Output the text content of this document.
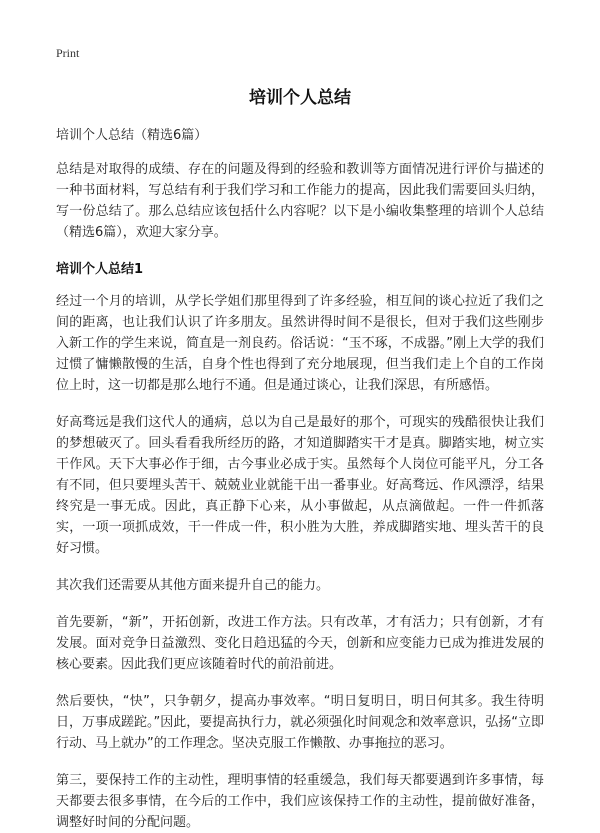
Print
培训个人总结

培训个人总结（精选6篇）

总结是对取得的成绩、存在的问题及得到的经验和教训等方面情况进行评价与描述的一种书面材料，写总结有利于我们学习和工作能力的提高，因此我们需要回头归纳，写一份总结了。那么总结应该包括什么内容呢？以下是小编收集整理的培训个人总结（精选6篇），欢迎大家分享。

培训个人总结1

经过一个月的培训，从学长学姐们那里得到了许多经验，相互间的谈心拉近了我们之间的距离，也让我们认识了许多朋友。虽然讲得时间不是很长，但对于我们这些刚步入新工作的学生来说，简直是一剂良药。俗话说：“玉不琢，不成器。”刚上大学的我们过惯了慵懒散慢的生活，自身个性也得到了充分地展现，但当我们走上个自的工作岗位上时，这一切都是那么地行不通。但是通过谈心，让我们深思，有所感悟。

好高骛远是我们这代人的通病，总以为自己是最好的那个，可现实的残酷很快让我们的梦想破灭了。回头看看我所经历的路，才知道脚踏实干才是真。脚踏实地，树立实干作风。天下大事必作于细，古今事业必成于实。虽然每个人岗位可能平凡，分工各有不同，但只要埋头苦干、兢兢业业就能干出一番事业。好高骛远、作风漂浮，结果终究是一事无成。因此，真正静下心来，从小事做起，从点滴做起。一件一件抓落实，一项一项抓成效，干一件成一件，积小胜为大胜，养成脚踏实地、埋头苦干的良好习惯。

其次我们还需要从其他方面来提升自己的能力。

首先要新，“新”，开拓创新，改进工作方法。只有改革，才有活力；只有创新，才有发展。面对竞争日益激烈、变化日趋迅猛的今天，创新和应变能力已成为推进发展的核心要素。因此我们更应该随着时代的前沿前进。

然后要快，“快”，只争朝夕，提高办事效率。“明日复明日，明日何其多。我生待明日，万事成蹉跎。”因此，要提高执行力，就必须强化时间观念和效率意识，弘扬“立即行动、马上就办”的工作理念。坚决克服工作懒散、办事拖拉的恶习。

第三，要保持工作的主动性，理明事情的轻重缓急，我们每天都要遇到许多事情，每天都要去很多事情，在今后的工作中，我们应该保持工作的主动性，提前做好准备，调整好时间的分配问题。
